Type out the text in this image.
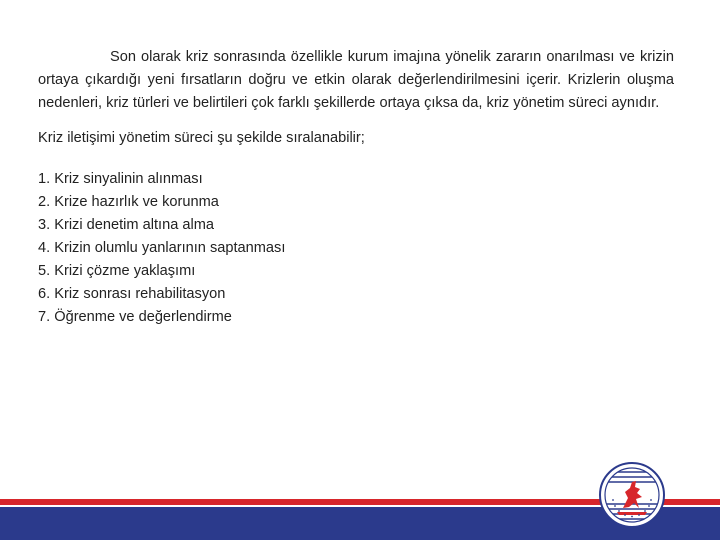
Son olarak kriz sonrasında özellikle kurum imajına yönelik zararın onarılması ve krizin ortaya çıkardığı yeni fırsatların doğru ve etkin olarak değerlendirilmesini içerir. Krizlerin oluşma nedenleri, kriz türleri ve belirtileri çok farklı şekillerde ortaya çıksa da, kriz yönetim süreci aynıdır.

Kriz iletişimi yönetim süreci şu şekilde sıralanabilir;

1. Kriz sinyalinin alınması
2. Krize hazırlık ve korunma
3. Krizi denetim altına alma
4. Krizin olumlu yanlarının saptanması
5. Krizi çözme yaklaşımı
6. Kriz sonrası rehabilitasyon
7. Öğrenme ve değerlendirme
